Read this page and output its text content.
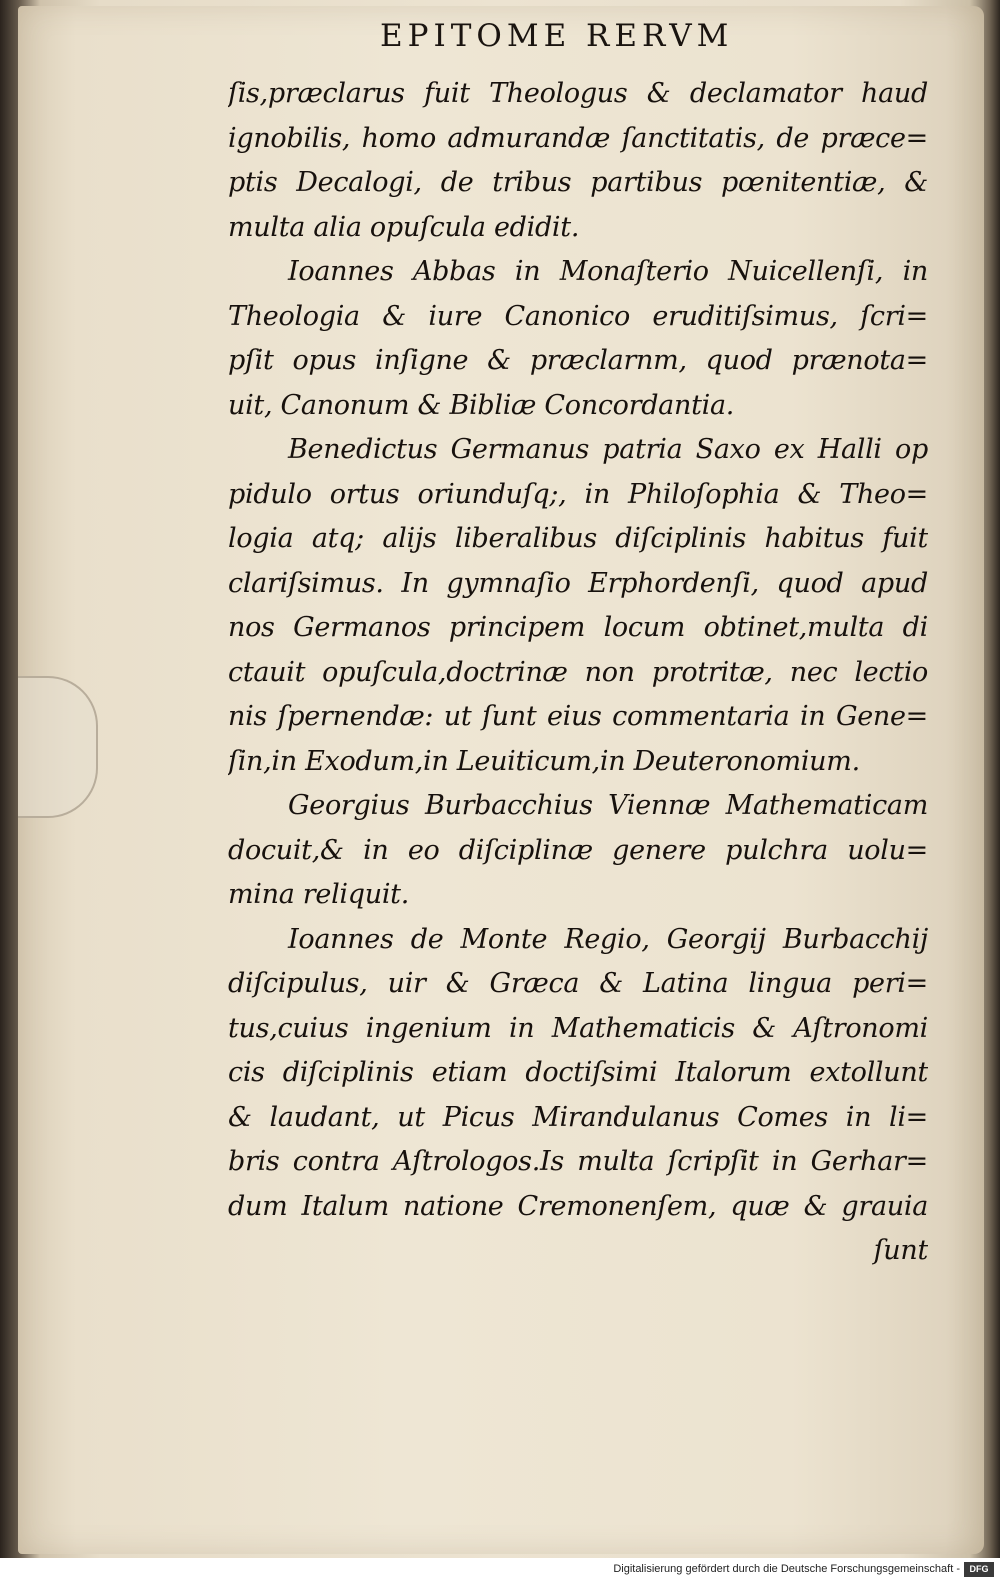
EPITOME RERVM
ſis,præclarus fuit Theologus & declamator haud
ignobilis, homo admurandæ ſanctitatis, de præce=
ptis Decalogi, de tribus partibus pœnitentiæ, &
multa alia opuſcula edidit.
Ioannes Abbas in Monaſterio Nuicellenſi, in
Theologia & iure Canonico eruditiſsimus, ſcri=
pſit opus inſigne & præclarnm, quod prænota=
uit, Canonum & Bibliæ Concordantia.
Benedictus Germanus patria Saxo ex Halli op
pidulo ortus oriunduſq;, in Philoſophia & Theo=
logia atq; alijs liberalibus diſciplinis habitus fuit
clariſsimus. In gymnaſio Erphordenſi, quod apud
nos Germanos principem locum obtinet,multa di
ctauit opuſcula,doctrinæ non protritæ, nec lectio
nis ſpernendæ: ut ſunt eius commentaria in Gene=
ſin,in Exodum,in Leuiticum,in Deuteronomium.
Georgius Burbacchius Viennæ Mathematicam
docuit,& in eo diſciplinæ genere pulchra uolu=
mina reliquit.
Ioannes de Monte Regio, Georgij Burbacchij
diſcipulus, uir & Græca & Latina lingua peri=
tus,cuius ingenium in Mathematicis & Aſtronomi
cis diſciplinis etiam doctiſsimi Italorum extollunt
& laudant, ut Picus Mirandulanus Comes in li=
bris contra Aſtrologos.Is multa ſcripſit in Gerhar=
dum Italum natione Cremonenſem, quæ & grauia
ſunt
Digitalisierung gefördert durch die Deutsche Forschungsgemeinschaft -	DFG
